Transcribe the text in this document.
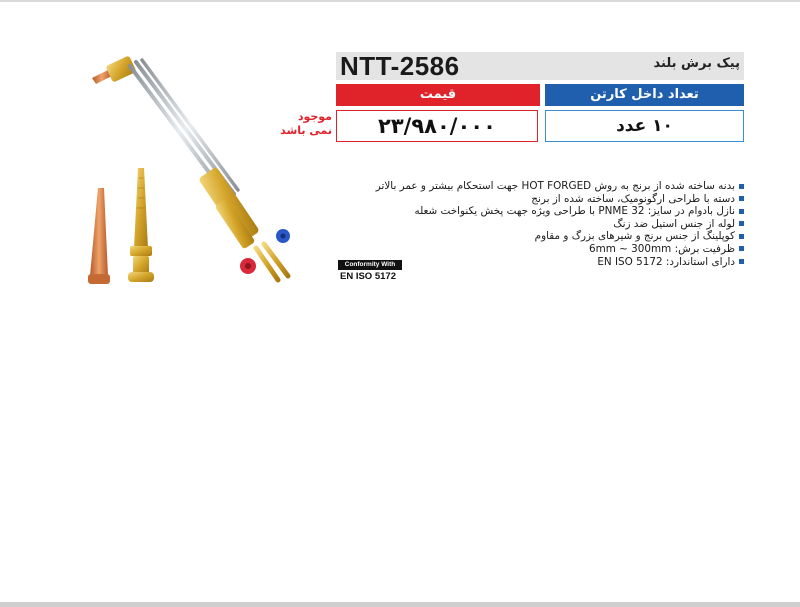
NTT-2586	پیک برش بلند
قیمت	تعداد داخل کارتن
۲۳/۹۸۰/۰۰۰	۱۰ عدد
موجود
نمی باشد
بدنه ساخته شده از برنج به روش HOT FORGED جهت استحکام بیشتر و عمر بالاتر
دسته با طراحی ارگونومیک، ساخته شده از برنج
نازل بادوام در سایز: PNME 32 با طراحی ویژه جهت پخش یکنواخت شعله
لوله از جنس استیل ضد زنگ
کوپلینگ از جنس برنج و شیرهای بزرگ و مقاوم
ظرفیت برش: 6mm ~ 300mm
دارای استاندارد: EN ISO 5172
Conformity With
EN ISO 5172
